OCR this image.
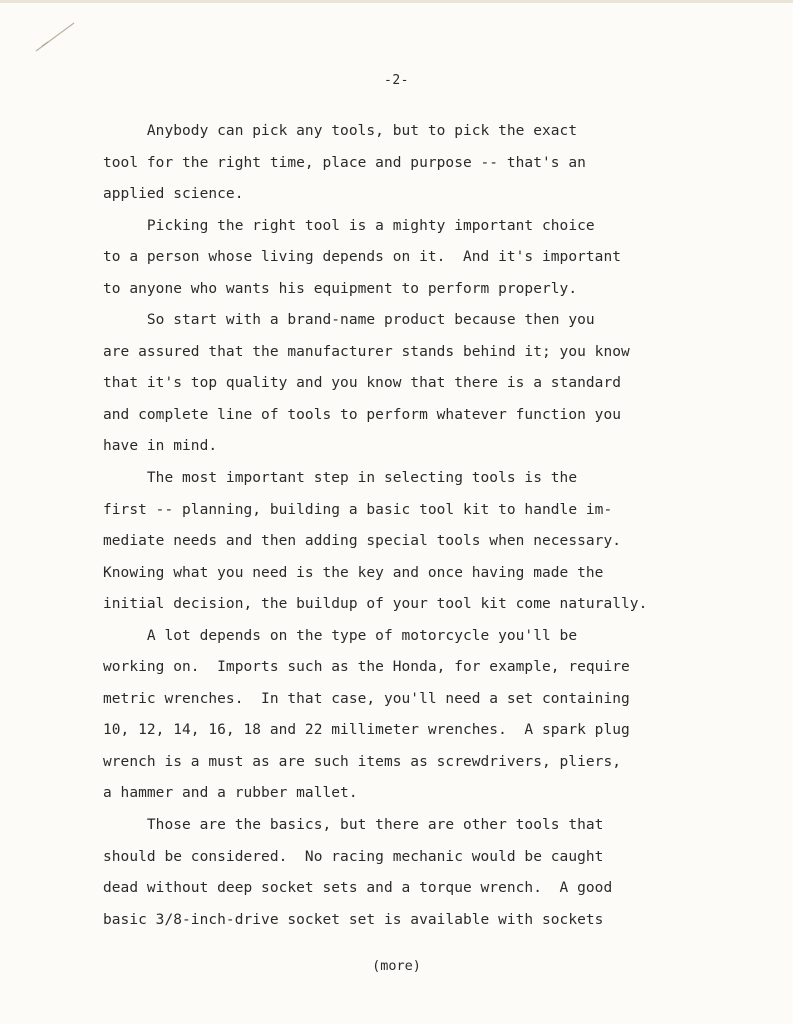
-2-
Anybody can pick any tools, but to pick the exact
tool for the right time, place and purpose -- that's an
applied science.
Picking the right tool is a mighty important choice
to a person whose living depends on it.  And it's important
to anyone who wants his equipment to perform properly.
So start with a brand-name product because then you
are assured that the manufacturer stands behind it; you know
that it's top quality and you know that there is a standard
and complete line of tools to perform whatever function you
have in mind.
The most important step in selecting tools is the
first -- planning, building a basic tool kit to handle im-
mediate needs and then adding special tools when necessary.
Knowing what you need is the key and once having made the
initial decision, the buildup of your tool kit come naturally.
A lot depends on the type of motorcycle you'll be
working on.  Imports such as the Honda, for example, require
metric wrenches.  In that case, you'll need a set containing
10, 12, 14, 16, 18 and 22 millimeter wrenches.  A spark plug
wrench is a must as are such items as screwdrivers, pliers,
a hammer and a rubber mallet.
Those are the basics, but there are other tools that
should be considered.  No racing mechanic would be caught
dead without deep socket sets and a torque wrench.  A good
basic 3/8-inch-drive socket set is available with sockets
(more)
